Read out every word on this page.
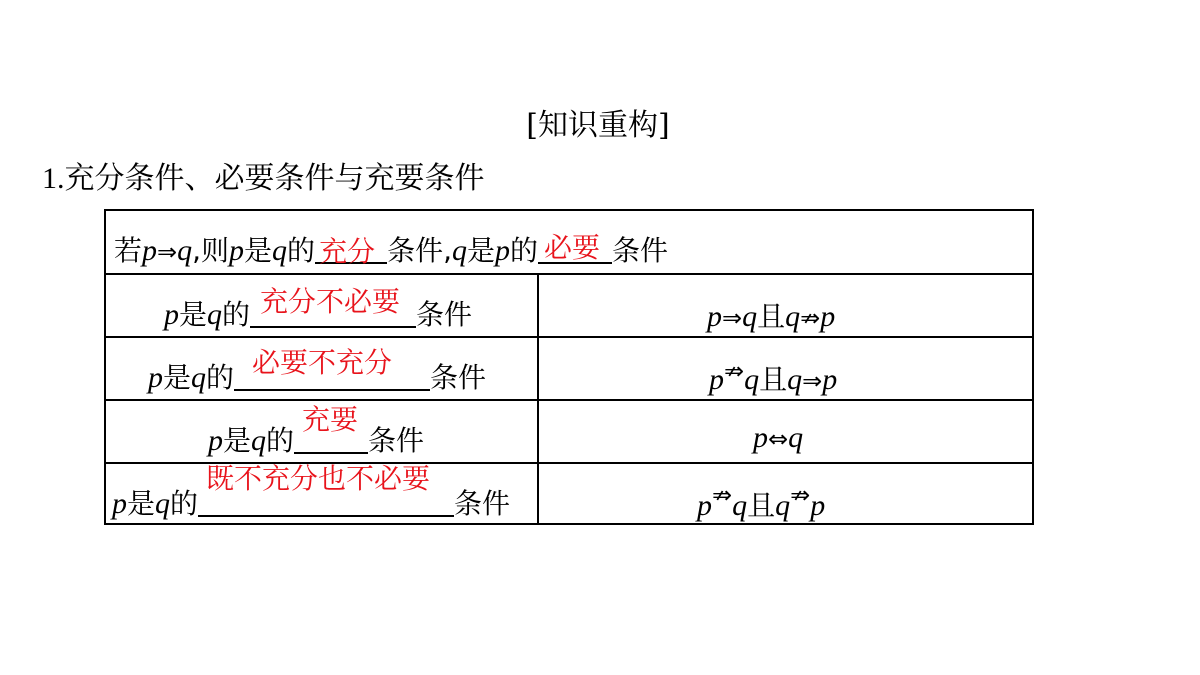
[知识重构]
1.充分条件、必要条件与充要条件
若p⇒q,则p是q的 充分 条件,q是p的 必要 条件
p是q的 充分不必要 条件	p⇒q且q⇏p
p是q的 必要不充分 条件	p⇏q且q⇒p
p是q的
充要
条件	p⇔q
p是q的
既不充分也不必要
条件	p⇏q且q⇏p
